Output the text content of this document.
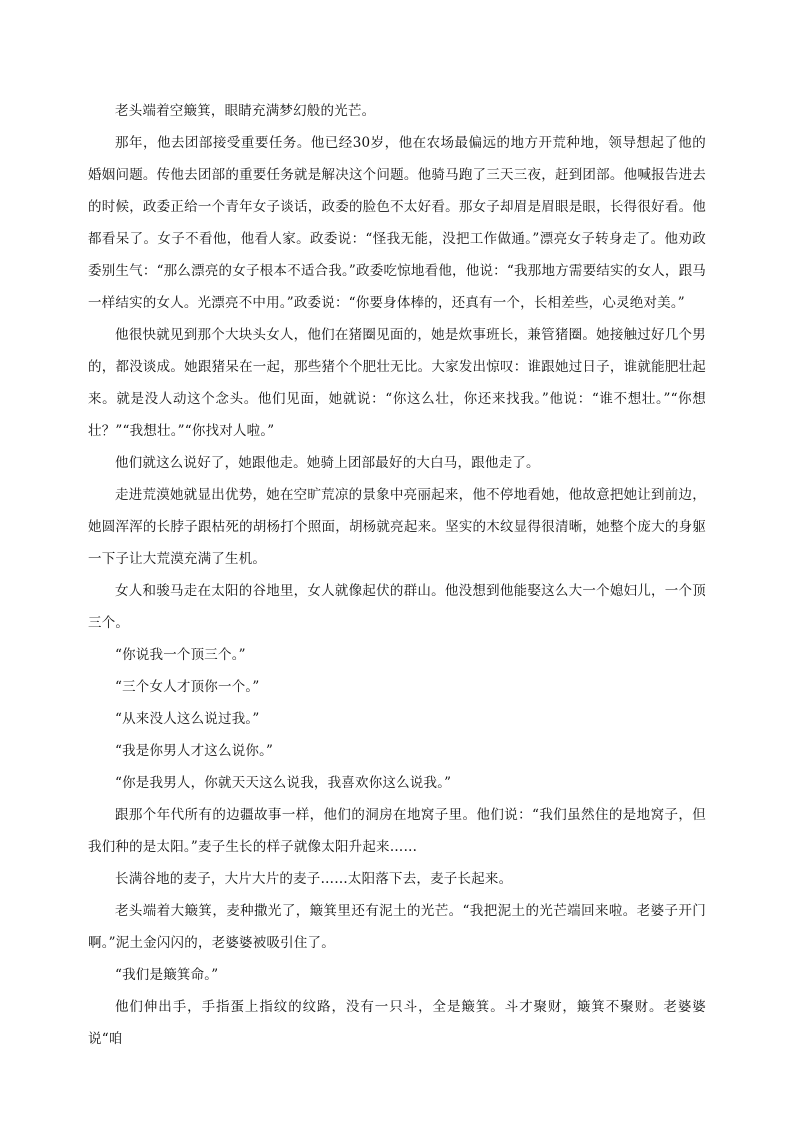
老头端着空簸箕，眼睛充满梦幻般的光芒。

那年，他去团部接受重要任务。他已经30岁，他在农场最偏远的地方开荒种地，领导想起了他的婚姻问题。传他去团部的重要任务就是解决这个问题。他骑马跑了三天三夜，赶到团部。他喊报告进去的时候，政委正给一个青年女子谈话，政委的脸色不太好看。那女子却眉是眉眼是眼，长得很好看。他都看呆了。女子不看他，他看人家。政委说：“怪我无能，没把工作做通。”漂亮女子转身走了。他劝政委别生气：“那么漂亮的女子根本不适合我。”政委吃惊地看他，他说：“我那地方需要结实的女人，跟马一样结实的女人。光漂亮不中用。”政委说：“你要身体棒的，还真有一个，长相差些，心灵绝对美。”

他很快就见到那个大块头女人，他们在猪圈见面的，她是炊事班长，兼管猪圈。她接触过好几个男的，都没谈成。她跟猪呆在一起，那些猪个个肥壮无比。大家发出惊叹：谁跟她过日子，谁就能肥壮起来。就是没人动这个念头。他们见面，她就说：“你这么壮，你还来找我。”他说：“谁不想壮。”“你想壮？”“我想壮。”“你找对人啦。”

他们就这么说好了，她跟他走。她骑上团部最好的大白马，跟他走了。

走进荒漠她就显出优势，她在空旷荒凉的景象中亮丽起来，他不停地看她，他故意把她让到前边，她圆浑浑的长脖子跟枯死的胡杨打个照面，胡杨就亮起来。坚实的木纹显得很清晰，她整个庞大的身躯一下子让大荒漠充满了生机。

女人和骏马走在太阳的谷地里，女人就像起伏的群山。他没想到他能娶这么大一个媳妇儿，一个顶三个。

“你说我一个顶三个。”

“三个女人才顶你一个。”

“从来没人这么说过我。”

“我是你男人才这么说你。”

“你是我男人，你就天天这么说我，我喜欢你这么说我。”

跟那个年代所有的边疆故事一样，他们的洞房在地窝子里。他们说：“我们虽然住的是地窝子，但我们种的是太阳。”麦子生长的样子就像太阳升起来……

长满谷地的麦子，大片大片的麦子……太阳落下去，麦子长起来。

老头端着大簸箕，麦种撒光了，簸箕里还有泥土的光芒。“我把泥土的光芒端回来啦。老婆子开门啊。”泥土金闪闪的，老婆婆被吸引住了。

“我们是簸箕命。”

他们伸出手，手指蛋上指纹的纹路，没有一只斗，全是簸箕。斗才聚财，簸箕不聚财。老婆婆说“咱
